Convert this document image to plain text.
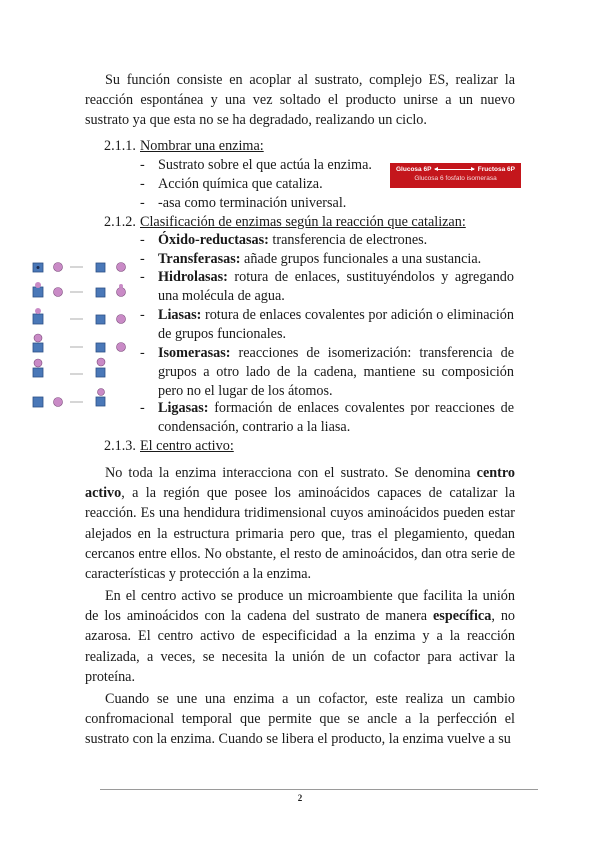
Su función consiste en acoplar al sustrato, complejo ES, realizar la reacción espontánea y una vez soltado el producto unirse a un nuevo sustrato ya que esta no se ha degradado, realizando un ciclo.

2.1.1. Nombrar una enzima:
- Sustrato sobre el que actúa la enzima.
- Acción química que cataliza.
- -asa como terminación universal.
Glucosa 6P	Fructosa 6P
Glucosa 6 fosfato isomerasa
2.1.2. Clasificación de enzimas según la reacción que catalizan:
- Óxido-reductasas: transferencia de electrones.
- Transferasas: añade grupos funcionales a una sustancia.
- Hidrolasas: rotura de enlaces, sustituyéndolos y agregando una molécula de agua.
- Liasas: rotura de enlaces covalentes por adición o eliminación de grupos funcionales.
- Isomerasas: reacciones de isomerización: transferencia de grupos a otro lado de la cadena, mantiene su composición pero no el lugar de los átomos.
- Ligasas: formación de enlaces covalentes por reacciones de condensación, contrario a la liasa.
2.1.3. El centro activo:

No toda la enzima interacciona con el sustrato. Se denomina centro activo, a la región que posee los aminoácidos capaces de catalizar la reacción. Es una hendidura tridimensional cuyos aminoácidos pueden estar alejados en la estructura primaria pero que, tras el plegamiento, quedan cercanos entre ellos. No obstante, el resto de aminoácidos, dan otra serie de características y protección a la enzima.

En el centro activo se produce un microambiente que facilita la unión de los aminoácidos con la cadena del sustrato de manera específica, no azarosa. El centro activo de especificidad a la enzima y a la reacción realizada, a veces, se necesita la unión de un cofactor para activar la proteína.

Cuando se une una enzima a un cofactor, este realiza un cambio confromacional temporal que permite que se ancle a la perfección el sustrato con la enzima. Cuando se libera el producto, la enzima vuelve a su

2
